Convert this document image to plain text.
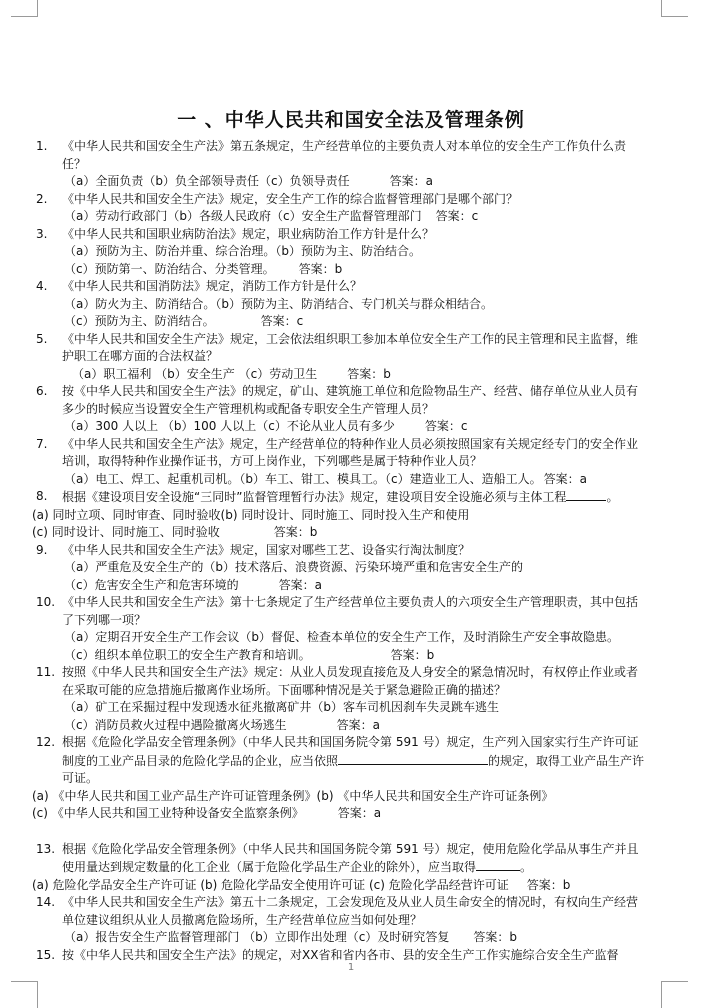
一 、中华人民共和国安全法及管理条例
1. 《中华人民共和国安全生产法》第五条规定，生产经营单位的主要负责人对本单位的安全生产工作负什么责任？
（a）全面负责（b）负全部领导责任（c）负领导责任	答案：a
2. 《中华人民共和国安全生产法》规定，安全生产工作的综合监督管理部门是哪个部门？
（a）劳动行政部门（b）各级人民政府（c）安全生产监督管理部门 答案：c
3. 《中华人民共和国职业病防治法》规定，职业病防治工作方针是什么？
（a）预防为主、防治并重、综合治理。（b）预防为主、防治结合。
（c）预防第一、防治结合、分类管理。 答案：b
4. 《中华人民共和国消防法》规定，消防工作方针是什么？
（a）防火为主、防消结合。（b）预防为主、防消结合、专门机关与群众相结合。
（c）预防为主、防消结合。	答案：c
5. 《中华人民共和国安全生产法》规定，工会依法组织职工参加本单位安全生产工作的民主管理和民主监督，维护职工在哪方面的合法权益？
（a）职工福利 （b）安全生产 （c）劳动卫生	答案：b
6. 按《中华人民共和国安全生产法》的规定，矿山、建筑施工单位和危险物品生产、经营、储存单位从业人员有多少的时候应当设置安全生产管理机构或配备专职安全生产管理人员？
（a）300 人以上 （b）100 人以上（c）不论从业人员有多少	答案：c
7. 《中华人民共和国安全生产法》规定，生产经营单位的特种作业人员必须按照国家有关规定经专门的安全作业培训，取得特种作业操作证书，方可上岗作业，下列哪些是属于特种作业人员？
（a）电工、焊工、起重机司机。（b）车工、钳工、模具工。（c）建造业工人、造船工人。 答案：a
8. 根据《建设项目安全设施“三同时”监督管理暂行办法》规定，建设项目安全设施必须与主体工程	。
(a) 同时立项、同时审查、同时验收(b) 同时设计、同时施工、同时投入生产和使用
(c) 同时设计、同时施工、同时验收	答案：b
9. 《中华人民共和国安全生产法》规定，国家对哪些工艺、设备实行淘汰制度？
（a）严重危及安全生产的（b）技术落后、浪费资源、污染环境严重和危害安全生产的
（c）危害安全生产和危害环境的	答案：a
10. 《中华人民共和国安全生产法》第十七条规定了生产经营单位主要负责人的六项安全生产管理职责，其中包括了下列哪一项？
（a）定期召开安全生产工作会议（b）督促、检查本单位的安全生产工作，及时消除生产安全事故隐患。
（c）组织本单位职工的安全生产教育和培训。	答案：b
11. 按照《中华人民共和国安全生产法》规定：从业人员发现直接危及人身安全的紧急情况时，有权停止作业或者在采取可能的应急措施后撤离作业场所。下面哪种情况是关于紧急避险正确的描述？
（a）矿工在采掘过程中发现透水征兆撤离矿井（b）客车司机因刹车失灵跳车逃生
（c）消防员救火过程中遇险撤离火场逃生	答案：a
12. 根据《危险化学品安全管理条例》（中华人民共和国国务院令第 591 号）规定，生产列入国家实行生产许可证制度的工业产品目录的危险化学品的企业，应当依照	的规定，取得工业产品生产许可证。
(a) 《中华人民共和国工业产品生产许可证管理条例》(b) 《中华人民共和国安全生产许可证条例》
(c) 《中华人民共和国工业特种设备安全监察条例》	答案：a
13. 根据《危险化学品安全管理条例》（中华人民共和国国务院令第 591 号）规定，使用危险化学品从事生产并且使用量达到规定数量的化工企业（属于危险化学品生产企业的除外），应当取得	。
(a) 危险化学品安全生产许可证 (b) 危险化学品安全使用许可证 (c) 危险化学品经营许可证 答案：b
14. 《中华人民共和国安全生产法》第五十二条规定，工会发现危及从业人员生命安全的情况时，有权向生产经营单位建议组织从业人员撤离危险场所，生产经营单位应当如何处理？
（a）报告安全生产监督管理部门 （b）立即作出处理（c）及时研究答复 答案：b
15. 按《中华人民共和国安全生产法》的规定，对XX省和省内各市、县的安全生产工作实施综合安全生产监督
1
